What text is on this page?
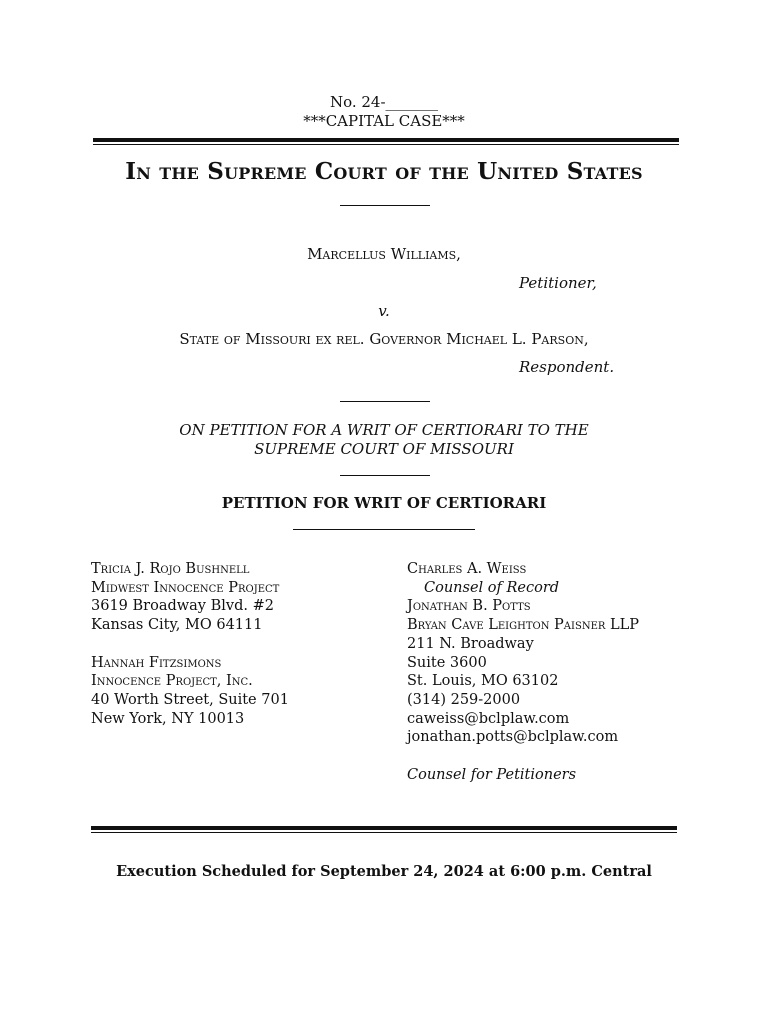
No. 24-_______
***CAPITAL CASE***
In the Supreme Court of the United States
Marcellus Williams,
Petitioner,
v.
State of Missouri ex rel. Governor Michael L. Parson,
Respondent.
ON PETITION FOR A WRIT OF CERTIORARI TO THE
SUPREME COURT OF MISSOURI
PETITION FOR WRIT OF CERTIORARI
Tricia J. Rojo Bushnell
Midwest Innocence Project
3619 Broadway Blvd. #2
Kansas City, MO 64111
Hannah Fitzsimons
Innocence Project, Inc.
40 Worth Street, Suite 701
New York, NY 10013
Charles A. Weiss
Counsel of Record
Jonathan B. Potts
Bryan Cave Leighton Paisner LLP
211 N. Broadway
Suite 3600
St. Louis, MO 63102
(314) 259-2000
caweiss@bclplaw.com
jonathan.potts@bclplaw.com
Counsel for Petitioners
Execution Scheduled for September 24, 2024 at 6:00 p.m. Central
